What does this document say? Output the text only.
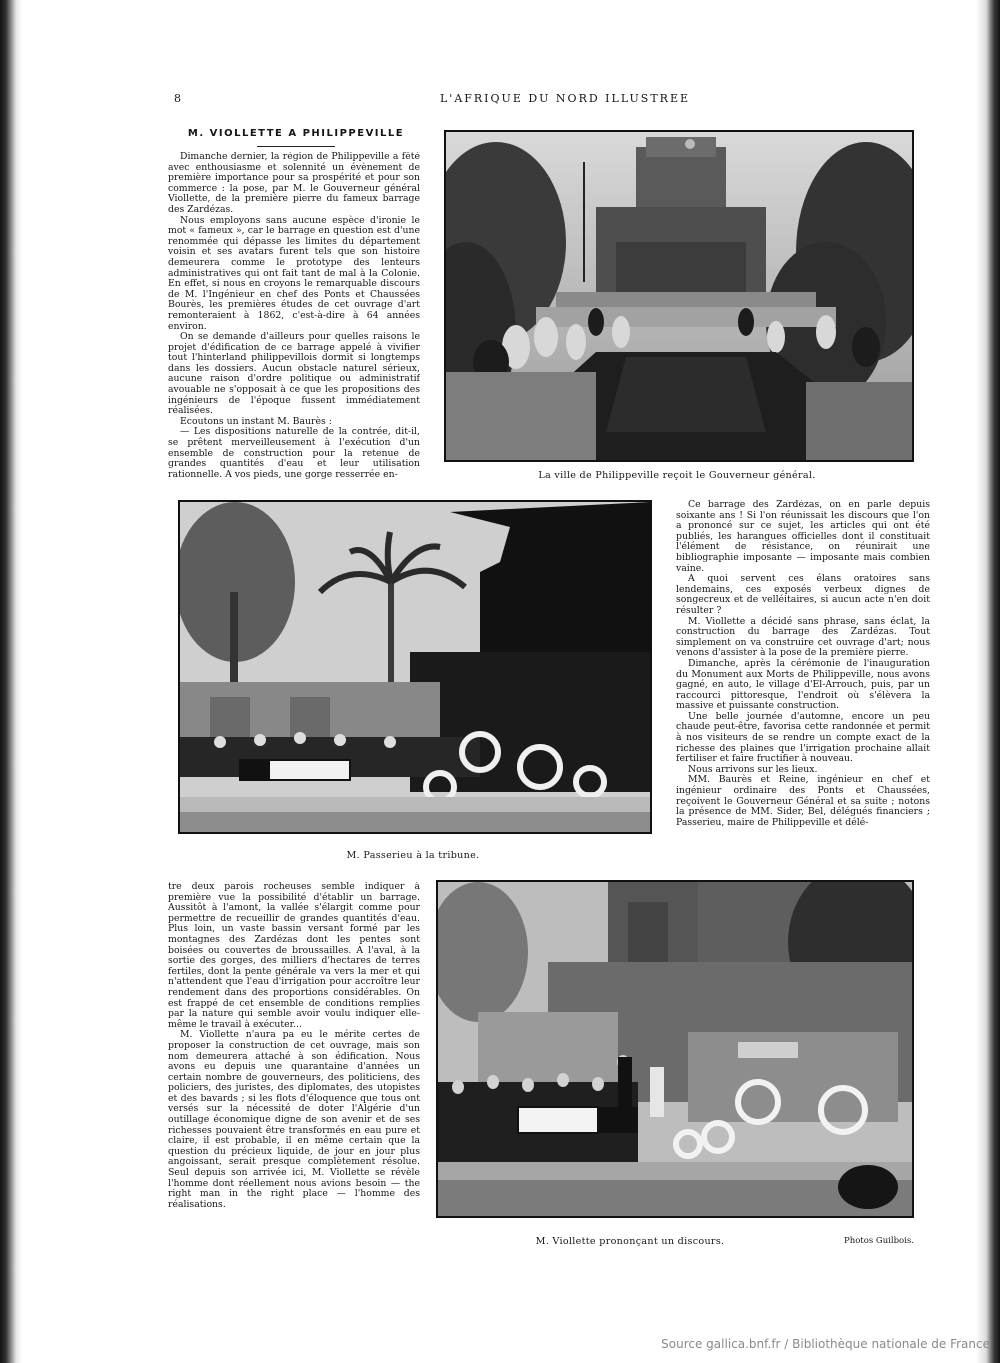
8	L'AFRIQUE DU NORD ILLUSTREE
M. VIOLLETTE A PHILIPPEVILLE

Dimanche dernier, la région de Philippeville a fêté avec enthousiasme et solennité un évènement de première importance pour sa prospérité et pour son commerce : la pose, par M. le Gouverneur général Viollette, de la première pierre du fameux barrage des Zardézas.

Nous employons sans aucune espèce d'ironie le mot « fameux », car le barrage en question est d'une renommée qui dépasse les limites du département voisin et ses avatars furent tels que son histoire demeurera comme le prototype des lenteurs administratives qui ont fait tant de mal à la Colonie. En effet, si nous en croyons le remarquable discours de M. l'Ingénieur en chef des Ponts et Chaussées Bourès, les premières études de cet ouvrage d'art remonteraient à 1862, c'est-à-dire à 64 années environ.

On se demande d'ailleurs pour quelles raisons le projet d'édification de ce barrage appelé à vivifier tout l'hinterland philippevillois dormit si longtemps dans les dossiers. Aucun obstacle naturel sérieux, aucune raison d'ordre politique ou administratif avouable ne s'opposait à ce que les propositions des ingénieurs de l'époque fussent immédiatement réalisées.

Ecoutons un instant M. Baurès :

— Les dispositions naturelle de la contrée, dit-il, se prêtent merveilleusement à l'exécution d'un ensemble de construction pour la retenue de grandes quantités d'eau et leur utilisation rationnelle. A vos pieds, une gorge resserrée en-	La ville de Philippeville reçoit le Gouverneur général.
M. Passerieu à la tribune.

Ce barrage des Zardézas, on en parle depuis soixante ans ! Si l'on réunissait les discours que l'on a prononcé sur ce sujet, les articles qui ont été publiés, les harangues officielles dont il constituait l'élément de résistance, on réunirait une bibliographie imposante — imposante mais combien vaine.

A quoi servent ces élans oratoires sans lendemains, ces exposés verbeux dignes de songecreux et de velléitaires, si aucun acte n'en doit résulter ?

M. Viollette a décidé sans phrase, sans éclat, la construction du barrage des Zardézas. Tout simplement on va construire cet ouvrage d'art; nous venons d'assister à la pose de la première pierre.

Dimanche, après la cérémonie de l'inauguration du Monument aux Morts de Philippeville, nous avons gagné, en auto, le village d'El-Arrouch, puis, par un raccourci pittoresque, l'endroit où s'élèvera la massive et puissante construction.

Une belle journée d'automne, encore un peu chaude peut-être, favorisa cette randonnée et permit à nos visiteurs de se rendre un compte exact de la richesse des plaines que l'irrigation prochaine allait fertiliser et faire fructifier à nouveau.

Nous arrivons sur les lieux.

MM. Baurès et Reine, ingénieur en chef et ingénieur ordinaire des Ponts et Chaussées, reçoivent le Gouverneur Général et sa suite ; notons la présence de MM. Sider, Bel, délégués financiers ; Passerieu, maire de Philippeville et délé-

tre deux parois rocheuses semble indiquer à première vue la possibilité d'établir un barrage. Aussitôt à l'amont, la vallée s'élargit comme pour permettre de recueillir de grandes quantités d'eau. Plus loin, un vaste bassin versant formé par les montagnes des Zardézas dont les pentes sont boisées ou couvertes de broussailles. A l'aval, à la sortie des gorges, des milliers d'hectares de terres fertiles, dont la pente générale va vers la mer et qui n'attendent que l'eau d'irrigation pour accroître leur rendement dans des proportions considérables. On est frappé de cet ensemble de conditions remplies par la nature qui semble avoir voulu indiquer elle-même le travail à exécuter...

M. Viollette n'aura pa eu le mérite certes de proposer la construction de cet ouvrage, mais son nom demeurera attaché à son édification. Nous avons eu depuis une quarantaine d'années un certain nombre de gouverneurs, des politiciens, des policiers, des juristes, des diplomates, des utopistes et des bavards ; si les flots d'éloquence que tous ont versés sur la nécessité de doter l'Algérie d'un outillage économique digne de son avenir et de ses richesses pouvaient être transformés en eau pure et claire, il est probable, il en même certain que la question du précieux liquide, de jour en jour plus angoissant, serait presque complètement résolue. Seul depuis son arrivée ici, M. Viollette se révèle l'homme dont réellement nous avions besoin — the right man in the right place — l'homme des réalisations.

M. Viollette prononçant un discours.	Photos Guilbois.
Source gallica.bnf.fr / Bibliothèque nationale de France
